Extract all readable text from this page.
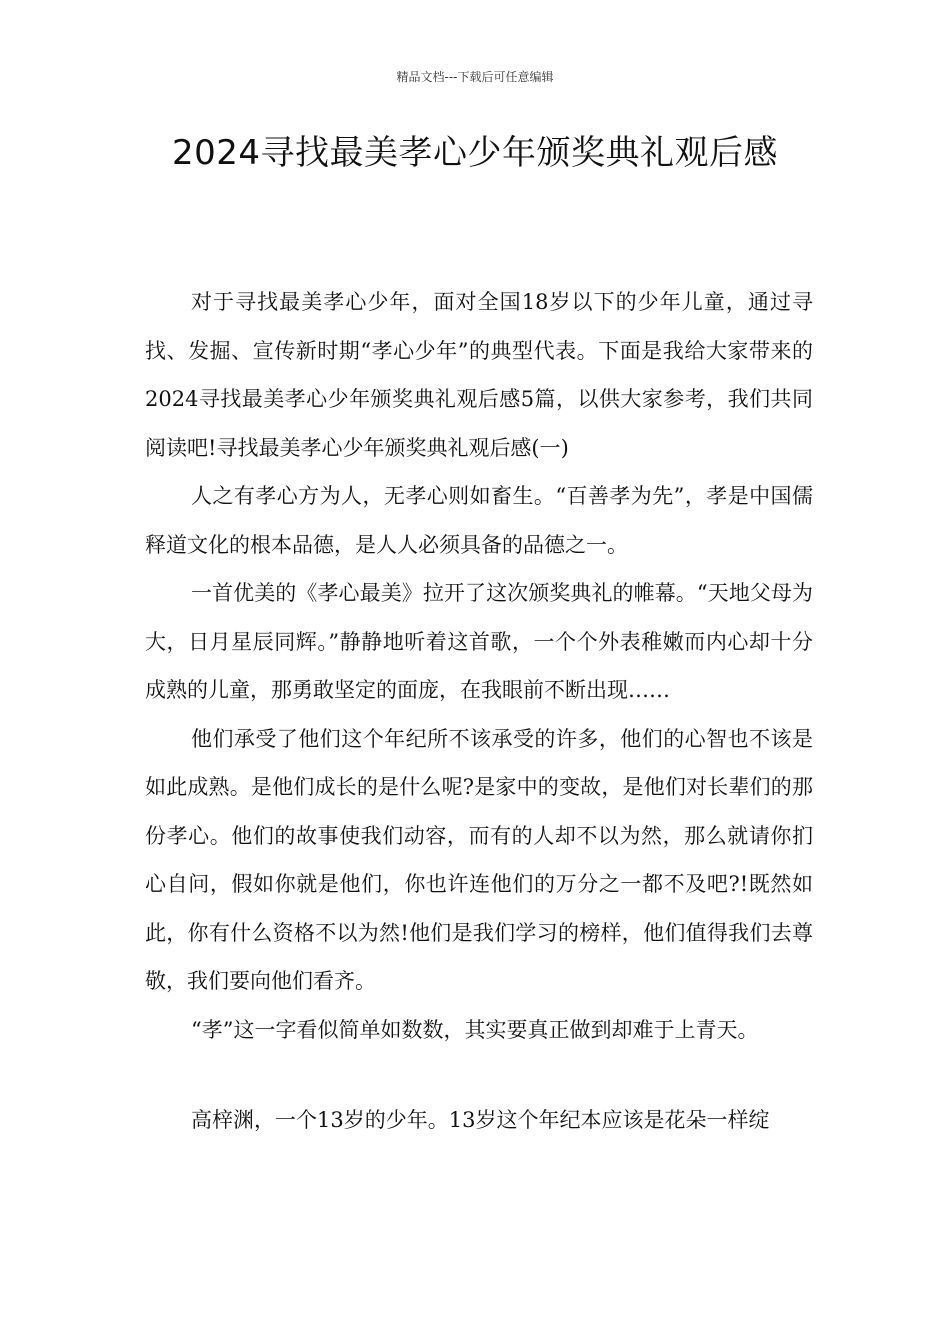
精品文档---下载后可任意编辑
2024寻找最美孝心少年颁奖典礼观后感

对于寻找最美孝心少年，面对全国18岁以下的少年儿童，通过寻找、发掘、宣传新时期“孝心少年”的典型代表。下面是我给大家带来的2024寻找最美孝心少年颁奖典礼观后感5篇，以供大家参考，我们共同阅读吧!寻找最美孝心少年颁奖典礼观后感(一)

人之有孝心方为人，无孝心则如畜生。“百善孝为先”，孝是中国儒释道文化的根本品德，是人人必须具备的品德之一。

一首优美的《孝心最美》拉开了这次颁奖典礼的帷幕。“天地父母为大，日月星辰同辉。”静静地听着这首歌，一个个外表稚嫩而内心却十分成熟的儿童，那勇敢坚定的面庞，在我眼前不断出现……

他们承受了他们这个年纪所不该承受的许多，他们的心智也不该是如此成熟。是他们成长的是什么呢?是家中的变故，是他们对长辈们的那份孝心。他们的故事使我们动容，而有的人却不以为然，那么就请你扪心自问，假如你就是他们，你也许连他们的万分之一都不及吧?!既然如此，你有什么资格不以为然!他们是我们学习的榜样，他们值得我们去尊敬，我们要向他们看齐。

“孝”这一字看似简单如数数，其实要真正做到却难于上青天。

高梓渊，一个13岁的少年。13岁这个年纪本应该是花朵一样绽
